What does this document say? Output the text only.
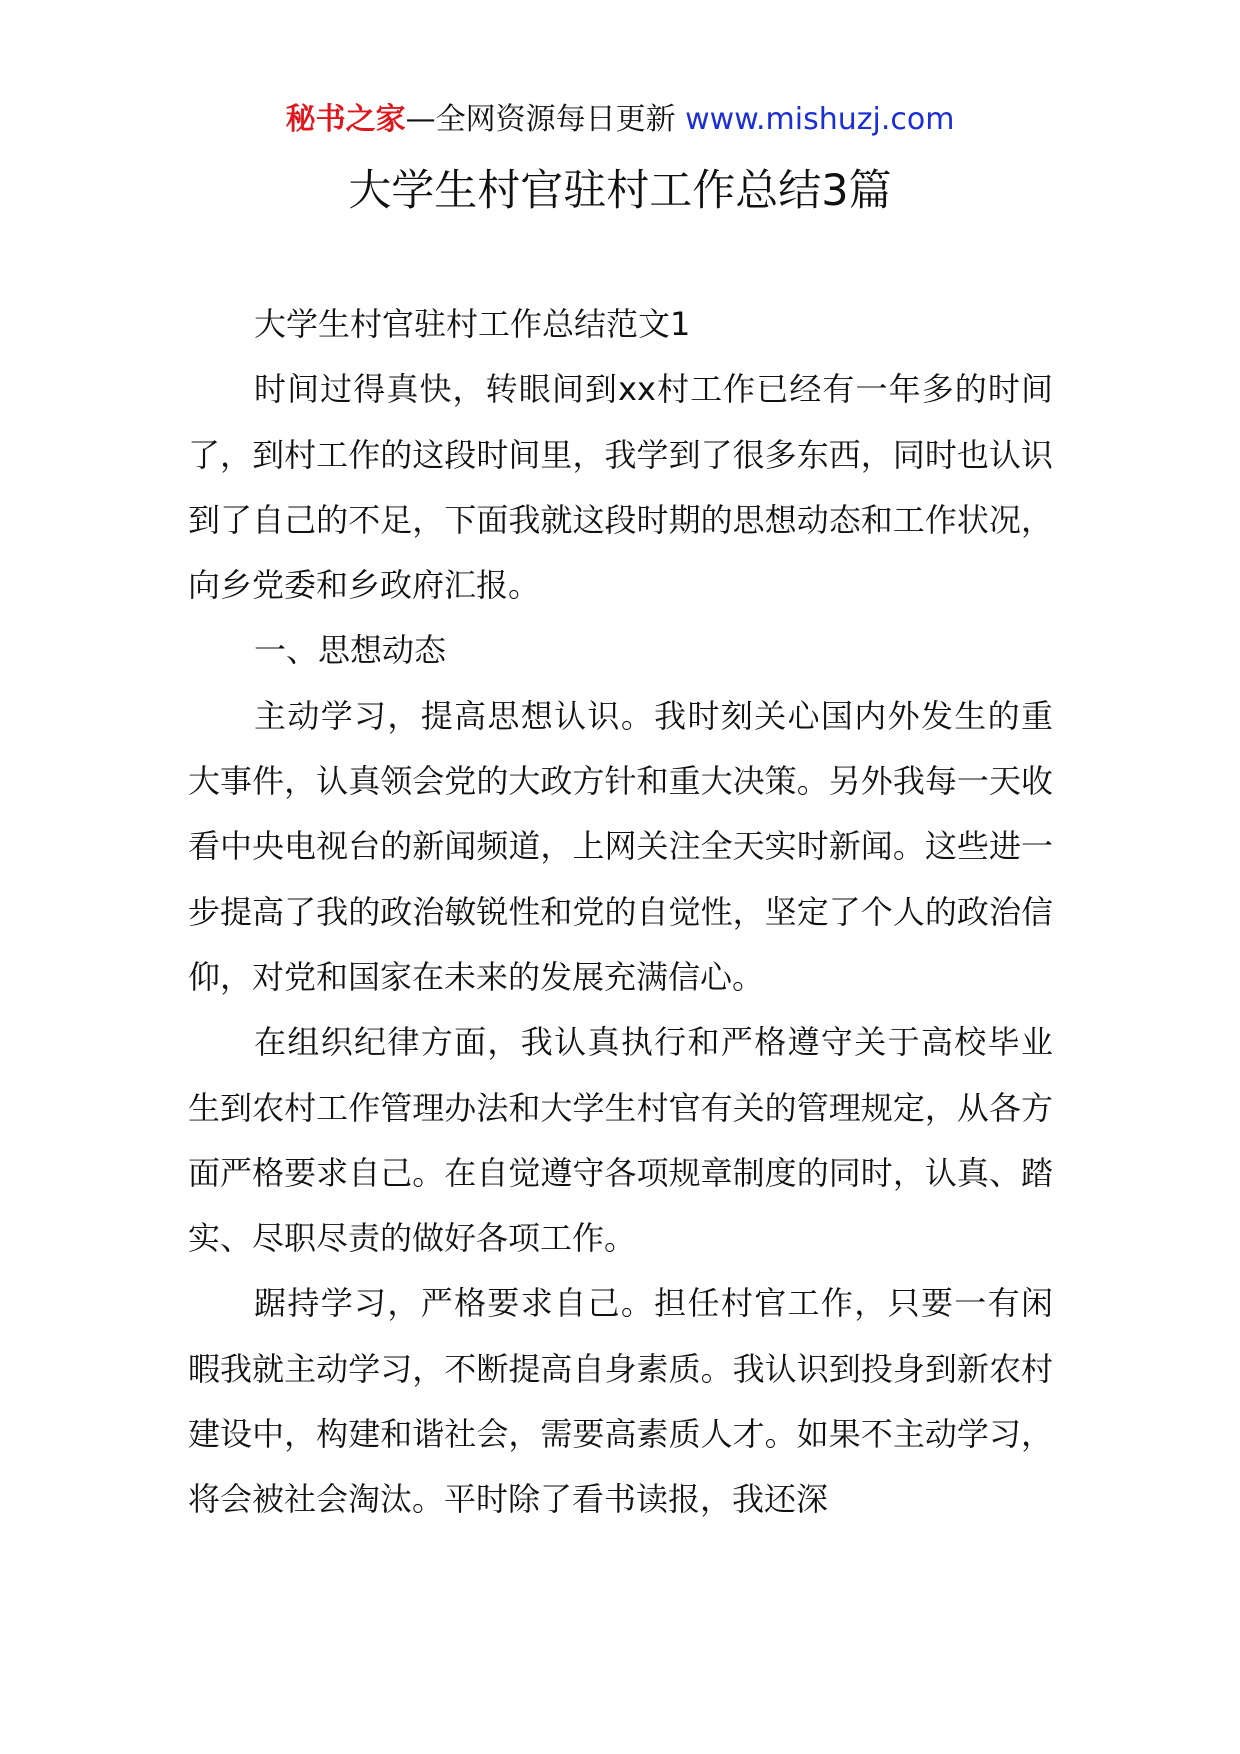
秘书之家—全网资源每日更新 www.mishuzj.com
大学生村官驻村工作总结3篇

大学生村官驻村工作总结范文1

时间过得真快，转眼间到xx村工作已经有一年多的时间了，到村工作的这段时间里，我学到了很多东西，同时也认识到了自己的不足，下面我就这段时期的思想动态和工作状况，向乡党委和乡政府汇报。

一、思想动态

主动学习，提高思想认识。我时刻关心国内外发生的重大事件，认真领会党的大政方针和重大决策。另外我每一天收看中央电视台的新闻频道，上网关注全天实时新闻。这些进一步提高了我的政治敏锐性和党的自觉性，坚定了个人的政治信仰，对党和国家在未来的发展充满信心。

在组织纪律方面，我认真执行和严格遵守关于高校毕业生到农村工作管理办法和大学生村官有关的管理规定，从各方面严格要求自己。在自觉遵守各项规章制度的同时，认真、踏实、尽职尽责的做好各项工作。

踞持学习，严格要求自己。担任村官工作，只要一有闲暇我就主动学习，不断提高自身素质。我认识到投身到新农村建设中，构建和谐社会，需要高素质人才。如果不主动学习，将会被社会淘汰。平时除了看书读报，我还深
